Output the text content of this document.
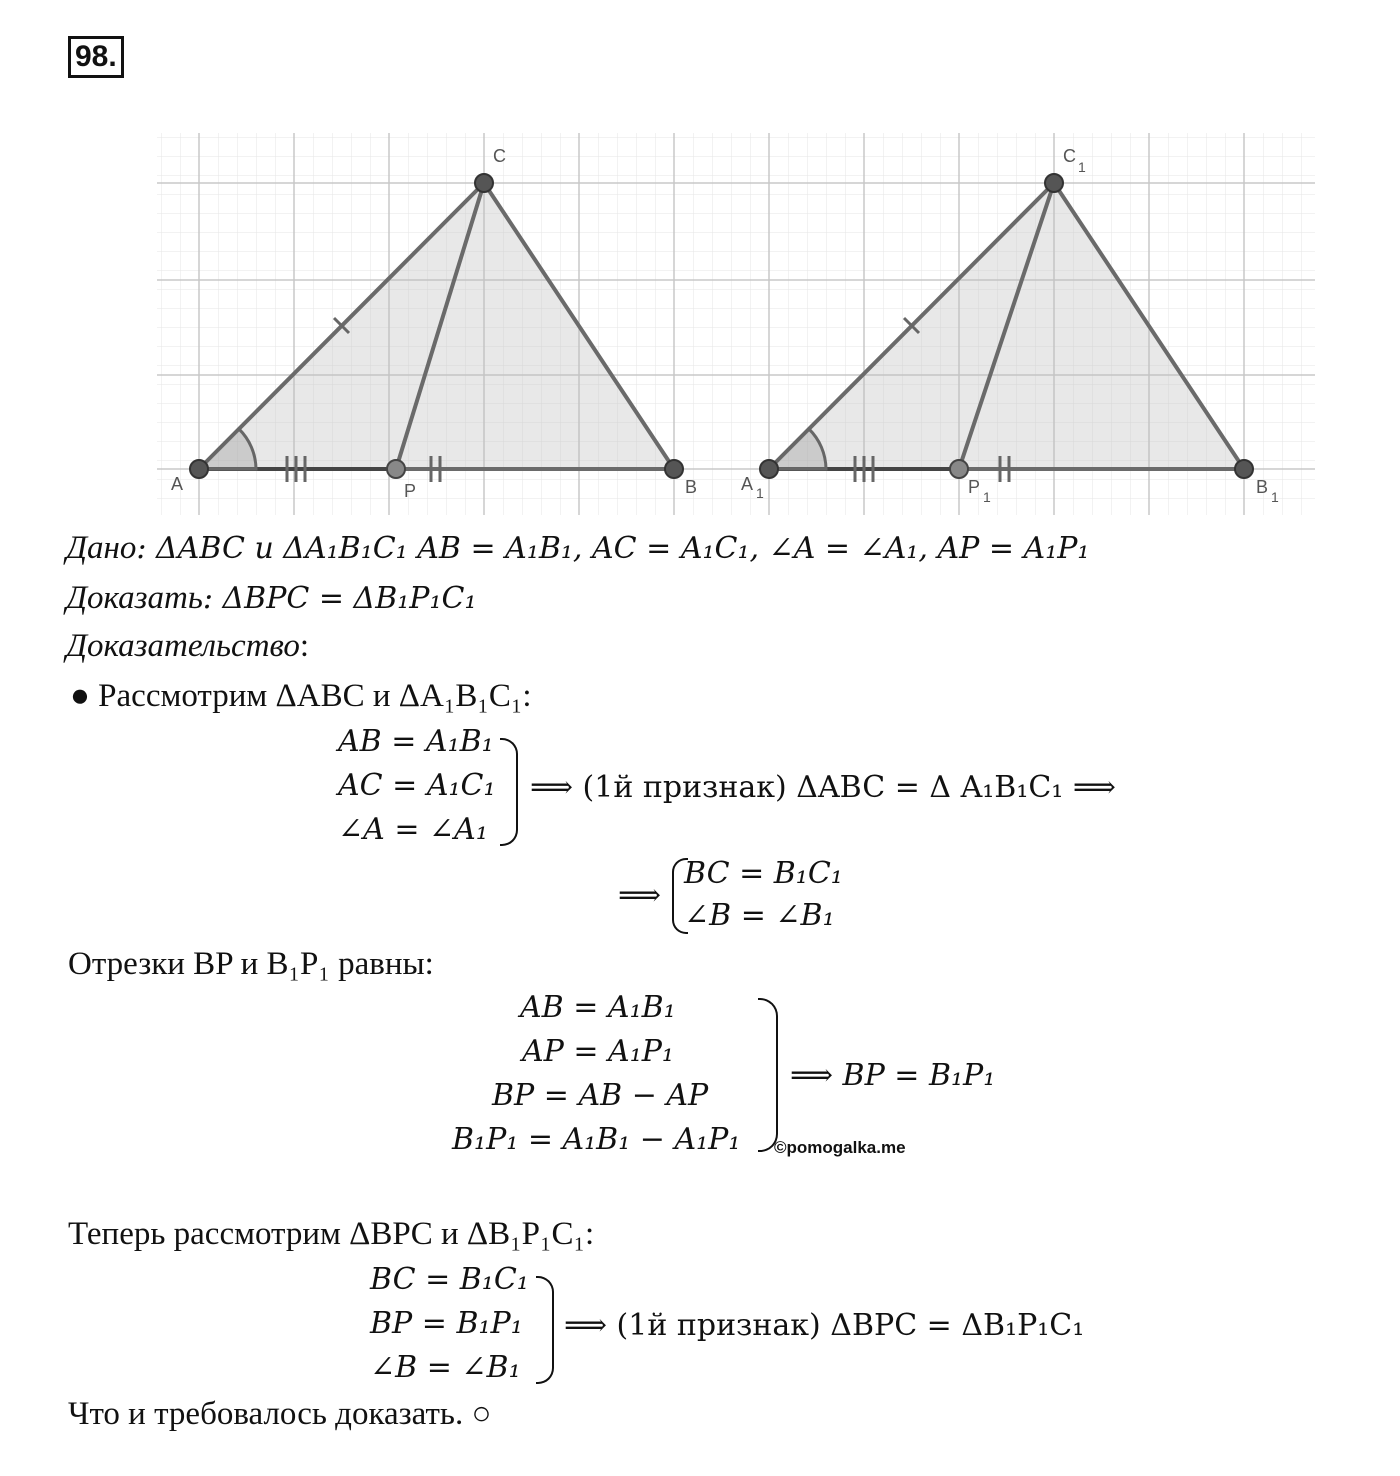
98.
A	P	B
C
A 1	P 1	B 1
C
1
Дано: ΔABC и ΔA₁B₁C₁ AB = A₁B₁, AC = A₁C₁, ∠A = ∠A₁, AP = A₁P₁
Доказать: ΔBPC = ΔB₁P₁C₁
Доказательство:
● Рассмотрим ΔABC и ΔA₁B₁C₁:
AB = A₁B₁
AC = A₁C₁
∠A = ∠A₁
⟹ (1й признак) ΔABC = Δ A₁B₁C₁ ⟹
⟹
BC = B₁C₁
∠B = ∠B₁
Отрезки BP и B₁P₁ равны:
AB = A₁B₁
AP = A₁P₁
BP = AB − AP
B₁P₁ = A₁B₁ − A₁P₁
⟹ BP = B₁P₁
©pomogalka.me
Теперь рассмотрим ΔBPC и ΔB₁P₁C₁:
BC = B₁C₁
BP = B₁P₁
∠B = ∠B₁
⟹ (1й признак) ΔBPC = ΔB₁P₁C₁
Что и требовалось доказать. ○
